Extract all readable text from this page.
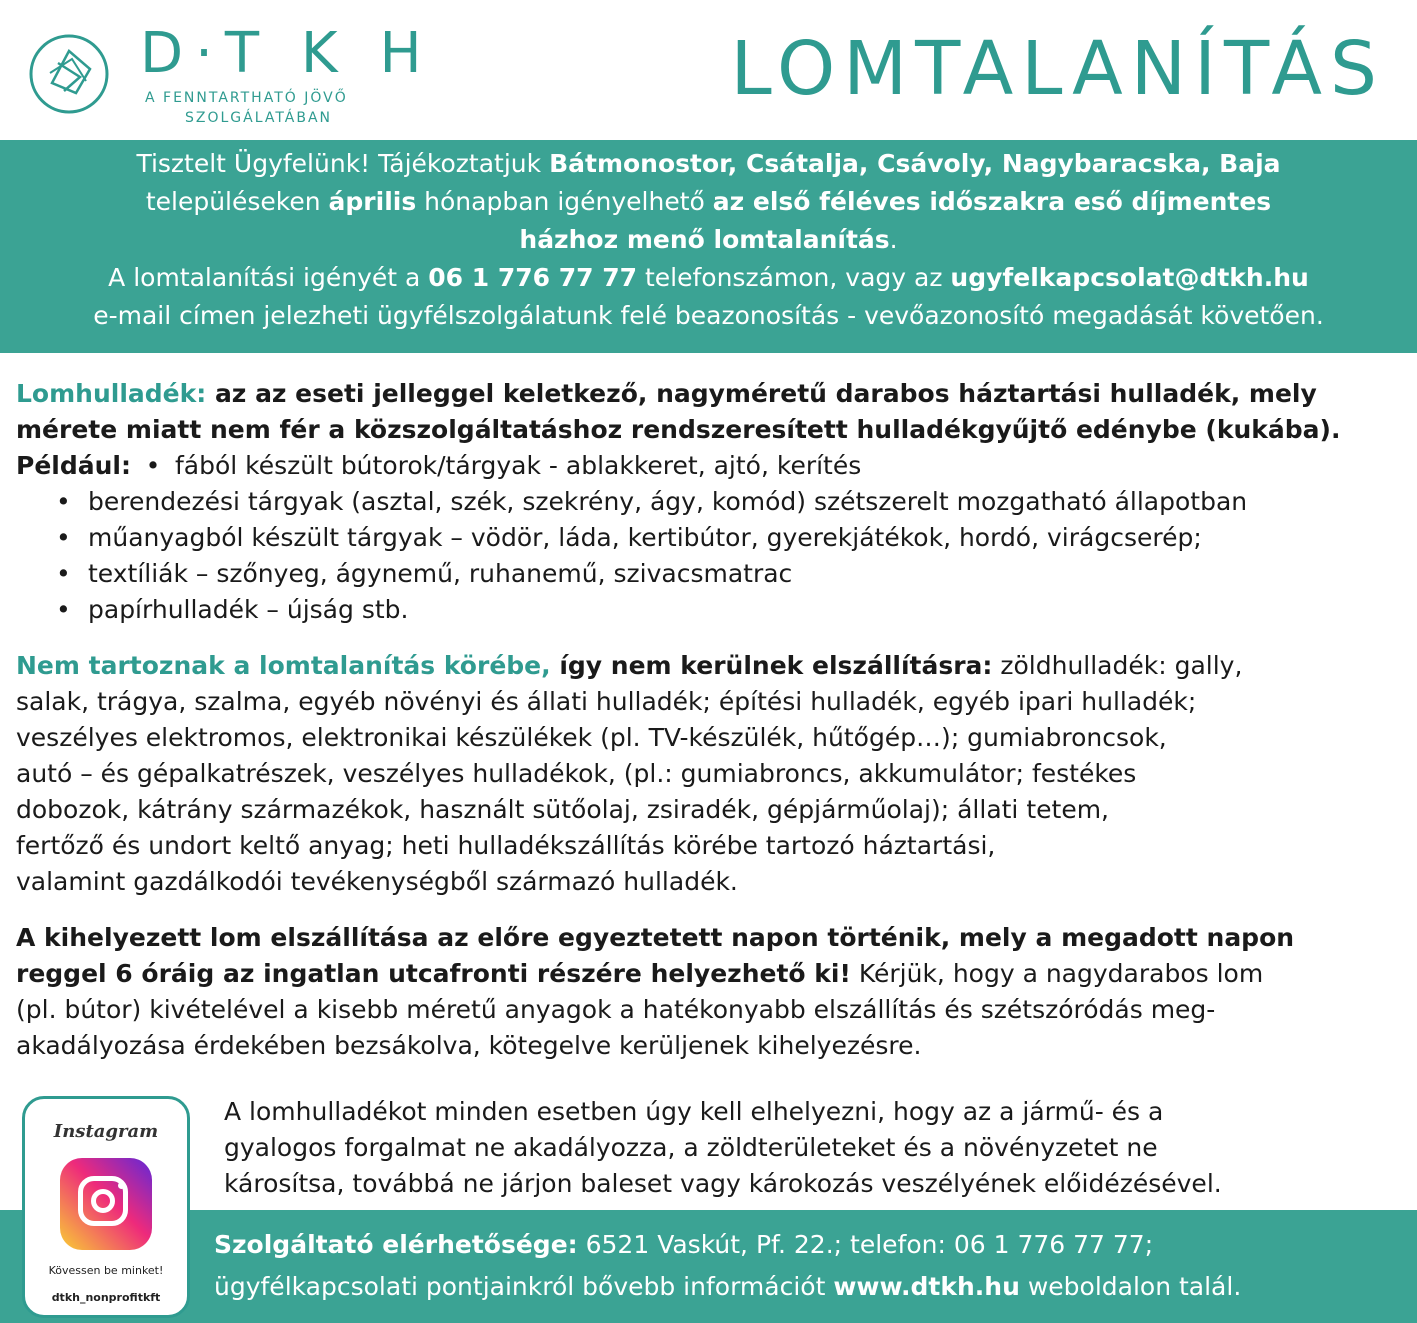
D·T K H
A FENNTARTHATÓ JÖVŐ
SZOLGÁLATÁBAN
LOMTALANÍTÁS

Tisztelt Ügyfelünk! Tájékoztatjuk Bátmonostor, Csátalja, Csávoly, Nagybaracska, Baja

településeken április hónapban igényelhető az első féléves időszakra eső díjmentes

házhoz menő lomtalanítás.

A lomtalanítási igényét a 06 1 776 77 77 telefonszámon, vagy az ugyfelkapcsolat@dtkh.hu

e-mail címen jelezheti ügyfélszolgálatunk felé beazonosítás - vevőazonosító megadását követően.

Lomhulladék: az az eseti jelleggel keletkező, nagyméretű darabos háztartási hulladék, mely

mérete miatt nem fér a közszolgáltatáshoz rendszeresített hulladékgyűjtő edénybe (kukába).

Például: • fából készült bútorok/tárgyak - ablakkeret, ajtó, kerítés

• berendezési tárgyak (asztal, szék, szekrény, ágy, komód) szétszerelt mozgatható állapotban

• műanyagból készült tárgyak – vödör, láda, kertibútor, gyerekjátékok, hordó, virágcserép;

• textíliák – szőnyeg, ágynemű, ruhanemű, szivacsmatrac

• papírhulladék – újság stb.

Nem tartoznak a lomtalanítás körébe, így nem kerülnek elszállításra: zöldhulladék: gally,

salak, trágya, szalma, egyéb növényi és állati hulladék; építési hulladék, egyéb ipari hulladék;

veszélyes elektromos, elektronikai készülékek (pl. TV-készülék, hűtőgép…); gumiabroncsok,

autó – és gépalkatrészek, veszélyes hulladékok, (pl.: gumiabroncs, akkumulátor; festékes

dobozok, kátrány származékok, használt sütőolaj, zsiradék, gépjárműolaj); állati tetem,

fertőző és undort keltő anyag; heti hulladékszállítás körébe tartozó háztartási,

valamint gazdálkodói tevékenységből származó hulladék.

A kihelyezett lom elszállítása az előre egyeztetett napon történik, mely a megadott napon

reggel 6 óráig az ingatlan utcafronti részére helyezhető ki! Kérjük, hogy a nagydarabos lom

(pl. bútor) kivételével a kisebb méretű anyagok a hatékonyabb elszállítás és szétszóródás meg-

akadályozása érdekében bezsákolva, kötegelve kerüljenek kihelyezésre.

A lomhulladékot minden esetben úgy kell elhelyezni, hogy az a jármű- és a

gyalogos forgalmat ne akadályozza, a zöldterületeket és a növényzetet ne

károsítsa, továbbá ne járjon baleset vagy károkozás veszélyének előidézésével.

Szolgáltató elérhetősége: 6521 Vaskút, Pf. 22.; telefon: 06 1 776 77 77;

ügyfélkapcsolati pontjainkról bővebb információt www.dtkh.hu weboldalon talál.

Instagram
Kövessen be minket!
dtkh_nonprofitkft
